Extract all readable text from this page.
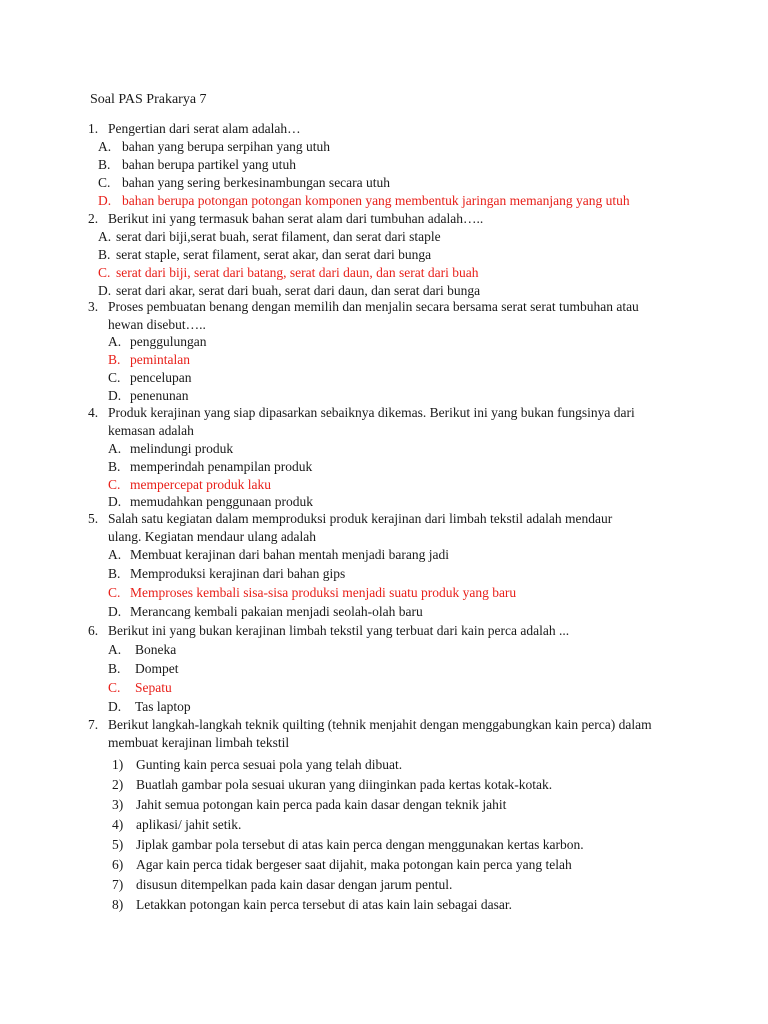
Soal PAS Prakarya 7
1. Pengertian dari serat alam adalah…
A. bahan yang berupa serpihan yang utuh
B. bahan berupa partikel yang utuh
C. bahan yang sering berkesinambungan secara utuh
D. bahan berupa potongan potongan komponen yang membentuk jaringan memanjang yang utuh
2. Berikut ini yang termasuk bahan serat alam dari tumbuhan adalah…..
A. serat dari biji,serat buah, serat filament, dan serat dari staple
B. serat staple, serat filament, serat akar, dan serat dari bunga
C. serat dari biji, serat dari batang, serat dari daun, dan serat dari buah
D. serat dari akar, serat dari buah, serat dari daun, dan serat dari bunga
3. Proses pembuatan benang dengan memilih dan menjalin secara bersama serat serat tumbuhan atau
hewan disebut…..
A. penggulungan
B. pemintalan
C. pencelupan
D. penenunan
4. Produk kerajinan yang siap dipasarkan sebaiknya dikemas. Berikut ini yang bukan fungsinya dari
kemasan adalah
A. melindungi produk
B. memperindah penampilan produk
C. mempercepat produk laku
D. memudahkan penggunaan produk
5. Salah satu kegiatan dalam memproduksi produk kerajinan dari limbah tekstil adalah mendaur
ulang. Kegiatan mendaur ulang adalah
A. Membuat kerajinan dari bahan mentah menjadi barang jadi
B. Memproduksi kerajinan dari bahan gips
C. Memproses kembali sisa-sisa produksi menjadi suatu produk yang baru
D. Merancang kembali pakaian menjadi seolah-olah baru
6. Berikut ini yang bukan kerajinan limbah tekstil yang terbuat dari kain perca adalah ...
A. Boneka
B. Dompet
C. Sepatu
D. Tas laptop
7. Berikut langkah-langkah teknik quilting (tehnik menjahit dengan menggabungkan kain perca) dalam
membuat kerajinan limbah tekstil
1) Gunting kain perca sesuai pola yang telah dibuat.
2) Buatlah gambar pola sesuai ukuran yang diinginkan pada kertas kotak-kotak.
3) Jahit semua potongan kain perca pada kain dasar dengan teknik jahit
4) aplikasi/ jahit setik.
5) Jiplak gambar pola tersebut di atas kain perca dengan menggunakan kertas karbon.
6) Agar kain perca tidak bergeser saat dijahit, maka potongan kain perca yang telah
7) disusun ditempelkan pada kain dasar dengan jarum pentul.
8) Letakkan potongan kain perca tersebut di atas kain lain sebagai dasar.
